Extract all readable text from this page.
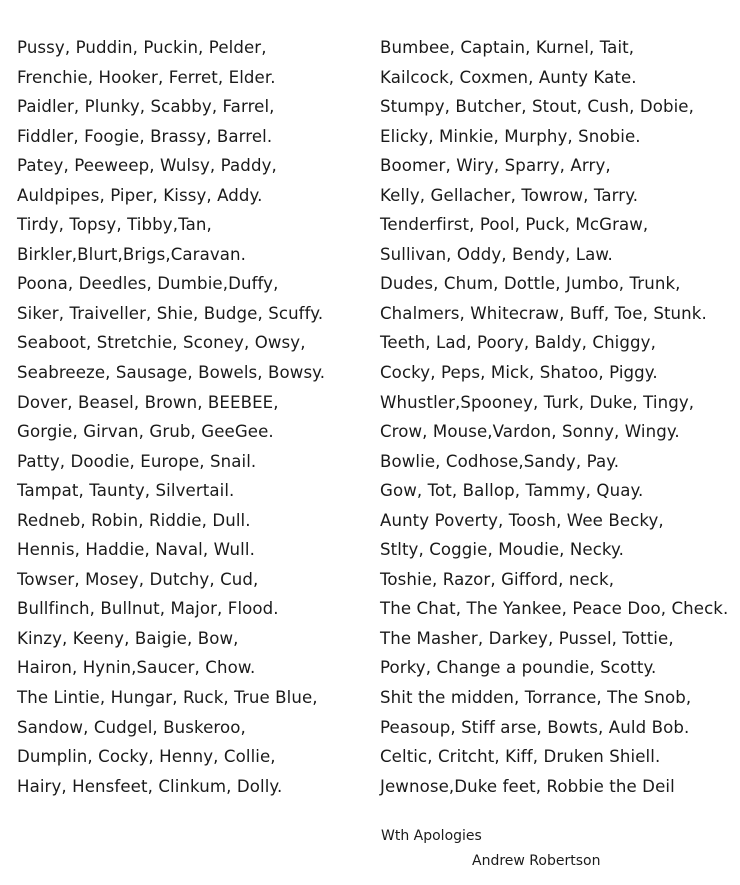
Pussy, Puddin, Puckin, Pelder,
Frenchie, Hooker, Ferret, Elder.
Paidler, Plunky, Scabby, Farrel,
Fiddler, Foogie, Brassy, Barrel.
Patey, Peeweep, Wulsy, Paddy,
Auldpipes, Piper, Kissy, Addy.
Tirdy, Topsy, Tibby,Tan,
Birkler,Blurt,Brigs,Caravan.
Poona, Deedles, Dumbie,Duffy,
Siker, Traiveller, Shie, Budge, Scuffy.
Seaboot, Stretchie, Sconey, Owsy,
Seabreeze, Sausage, Bowels, Bowsy.
Dover, Beasel, Brown, BEEBEE,
Gorgie, Girvan, Grub, GeeGee.
Patty, Doodie, Europe, Snail.
Tampat, Taunty, Silvertail.
Redneb, Robin, Riddie, Dull.
Hennis, Haddie, Naval, Wull.
Towser, Mosey, Dutchy, Cud,
Bullfinch, Bullnut, Major, Flood.
Kinzy, Keeny, Baigie, Bow,
Hairon, Hynin,Saucer, Chow.
The Lintie, Hungar, Ruck, True Blue,
Sandow, Cudgel, Buskeroo,
Dumplin, Cocky, Henny, Collie,
Hairy, Hensfeet, Clinkum, Dolly.
Bumbee, Captain, Kurnel, Tait,
Kailcock, Coxmen, Aunty Kate.
Stumpy, Butcher, Stout, Cush, Dobie,
Elicky, Minkie, Murphy, Snobie.
Boomer, Wiry, Sparry, Arry,
Kelly, Gellacher, Towrow, Tarry.
Tenderfirst, Pool, Puck, McGraw,
Sullivan, Oddy, Bendy, Law.
Dudes, Chum, Dottle, Jumbo, Trunk,
Chalmers, Whitecraw, Buff, Toe, Stunk.
Teeth, Lad, Poory, Baldy, Chiggy,
Cocky, Peps, Mick, Shatoo, Piggy.
Whustler,Spooney, Turk, Duke, Tingy,
Crow, Mouse,Vardon, Sonny, Wingy.
Bowlie, Codhose,Sandy, Pay.
Gow, Tot, Ballop, Tammy, Quay.
Aunty Poverty, Toosh, Wee Becky,
Stlty, Coggie, Moudie, Necky.
Toshie, Razor, Gifford, neck,
The Chat, The Yankee, Peace Doo, Check.
The Masher, Darkey, Pussel, Tottie,
Porky, Change a poundie, Scotty.
Shit the midden, Torrance, The Snob,
Peasoup, Stiff arse, Bowts, Auld Bob.
Celtic, Critcht, Kiff, Druken Shiell.
Jewnose,Duke feet, Robbie the Deil
Wth Apologies
Andrew Robertson
